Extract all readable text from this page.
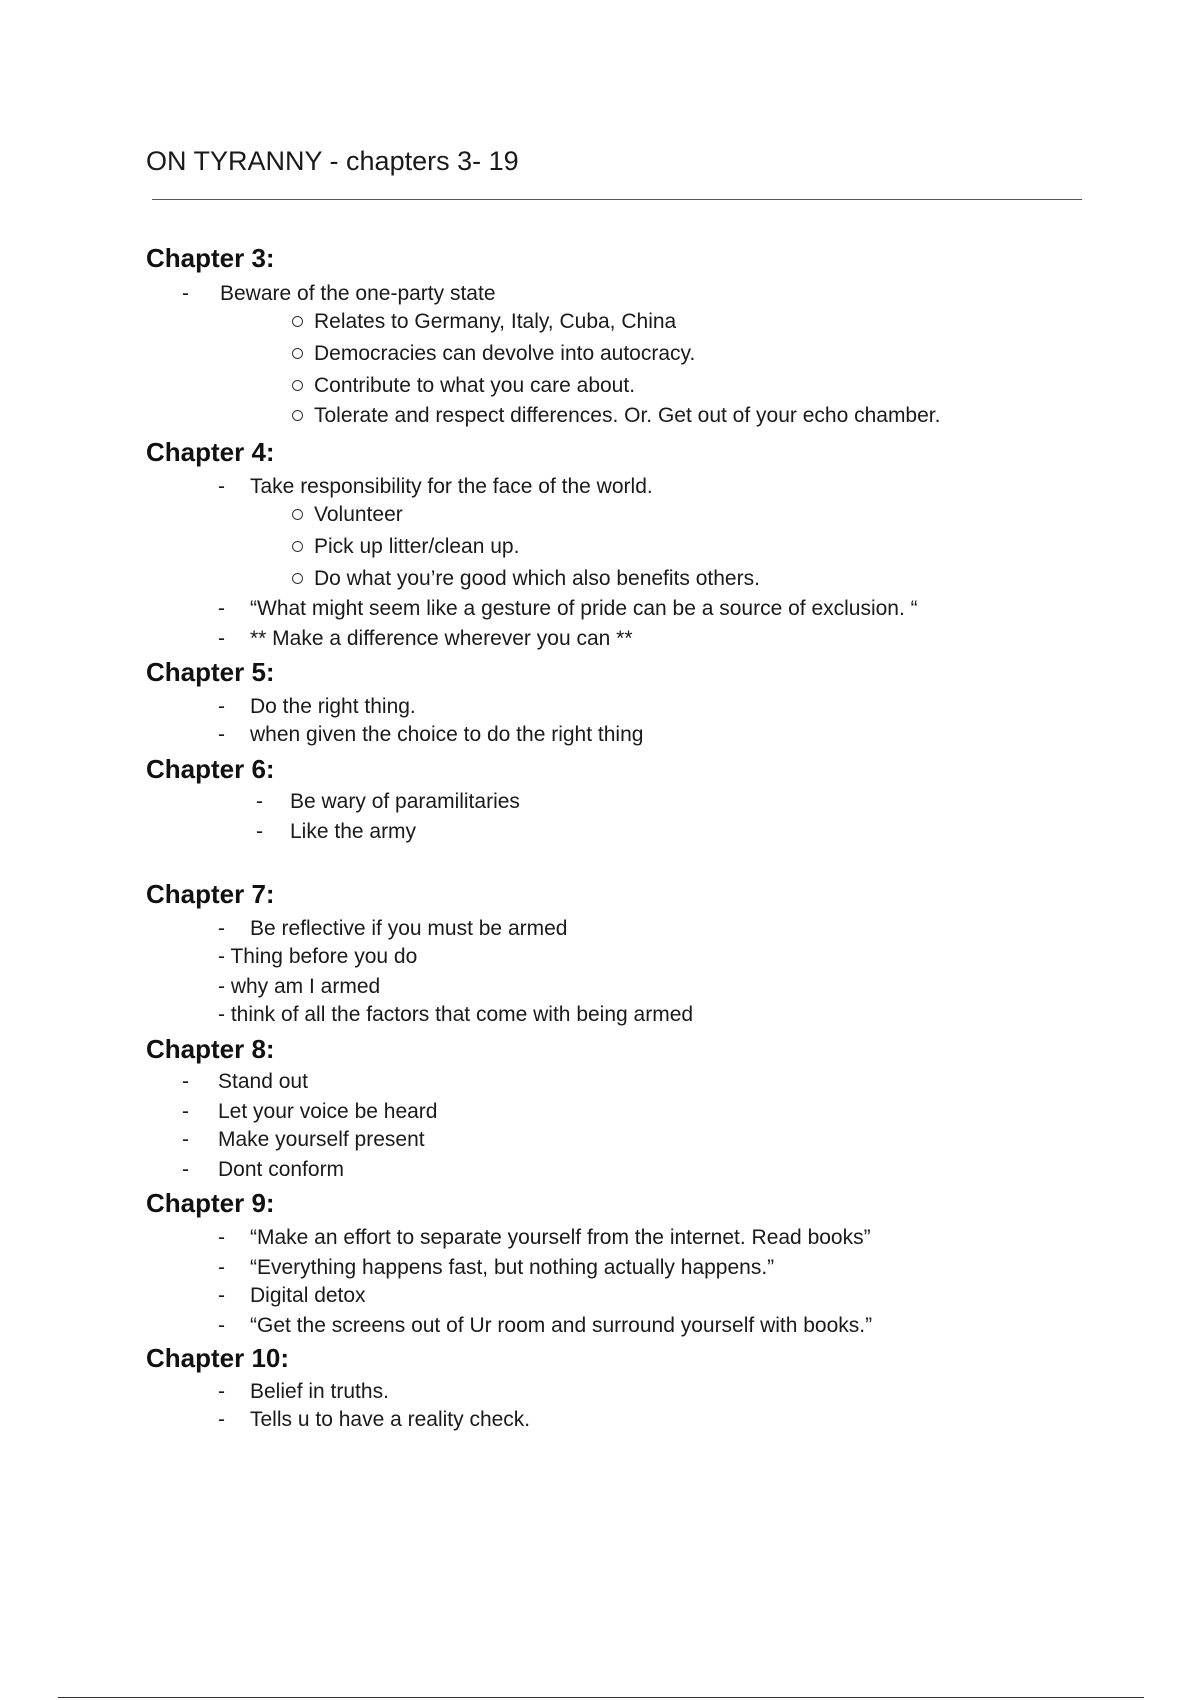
ON TYRANNY - chapters 3- 19
Chapter 3:
- Beware of the one-party state
Relates to Germany, Italy, Cuba, China
Democracies can devolve into autocracy.
Contribute to what you care about.
Tolerate and respect differences. Or. Get out of your echo chamber.
Chapter 4:
- Take responsibility for the face of the world.
Volunteer
Pick up litter/clean up.
Do what you’re good which also benefits others.
- “What might seem like a gesture of pride can be a source of exclusion. “
- ** Make a difference wherever you can **
Chapter 5:
- Do the right thing.
- when given the choice to do the right thing
Chapter 6:
- Be wary of paramilitaries
- Like the army
Chapter 7:
- Be reflective if you must be armed
- Thing before you do
- why am I armed
- think of all the factors that come with being armed
Chapter 8:
- Stand out
- Let your voice be heard
- Make yourself present
- Dont conform
Chapter 9:
- “Make an effort to separate yourself from the internet. Read books”
- “Everything happens fast, but nothing actually happens.”
- Digital detox
- “Get the screens out of Ur room and surround yourself with books.”
Chapter 10:
- Belief in truths.
- Tells u to have a reality check.
